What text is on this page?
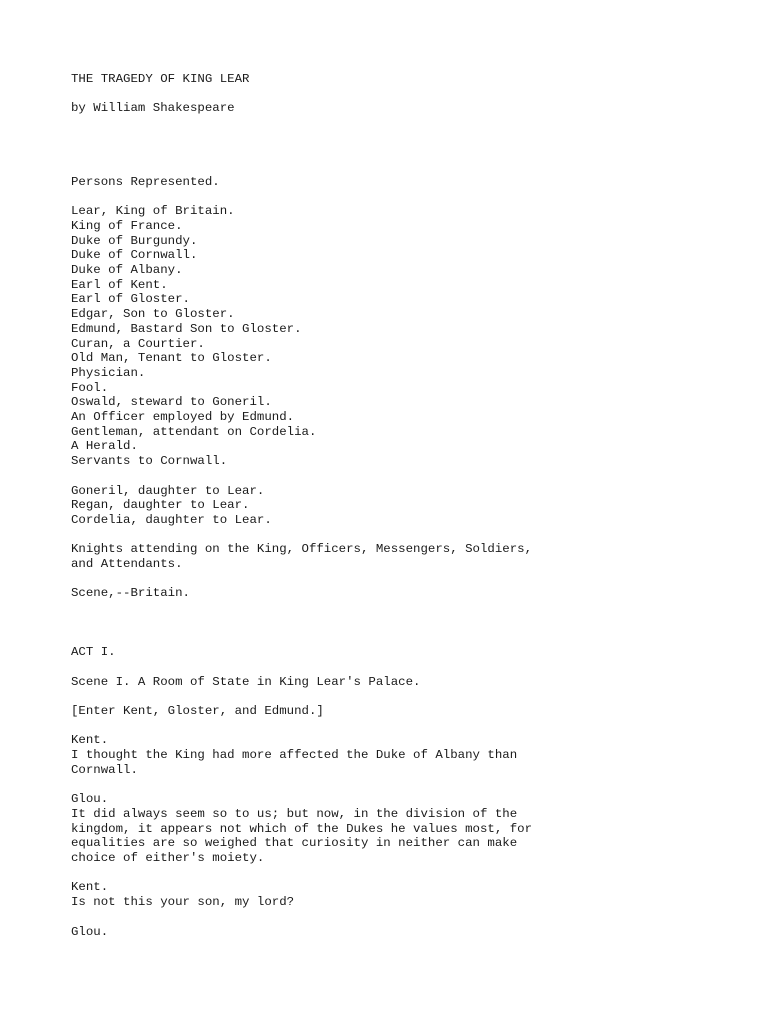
THE TRAGEDY OF KING LEAR
by William Shakespeare
Persons Represented.
Lear, King of Britain.
King of France.
Duke of Burgundy.
Duke of Cornwall.
Duke of Albany.
Earl of Kent.
Earl of Gloster.
Edgar, Son to Gloster.
Edmund, Bastard Son to Gloster.
Curan, a Courtier.
Old Man, Tenant to Gloster.
Physician.
Fool.
Oswald, steward to Goneril.
An Officer employed by Edmund.
Gentleman, attendant on Cordelia.
A Herald.
Servants to Cornwall.
Goneril, daughter to Lear.
Regan, daughter to Lear.
Cordelia, daughter to Lear.
Knights attending on the King, Officers, Messengers, Soldiers,
and Attendants.
Scene,--Britain.
ACT I.
Scene I. A Room of State in King Lear's Palace.
[Enter Kent, Gloster, and Edmund.]
Kent.
I thought the King had more affected the Duke of Albany than
Cornwall.
Glou.
It did always seem so to us; but now, in the division of the
kingdom, it appears not which of the Dukes he values most, for
equalities are so weighed that curiosity in neither can make
choice of either's moiety.
Kent.
Is not this your son, my lord?
Glou.
